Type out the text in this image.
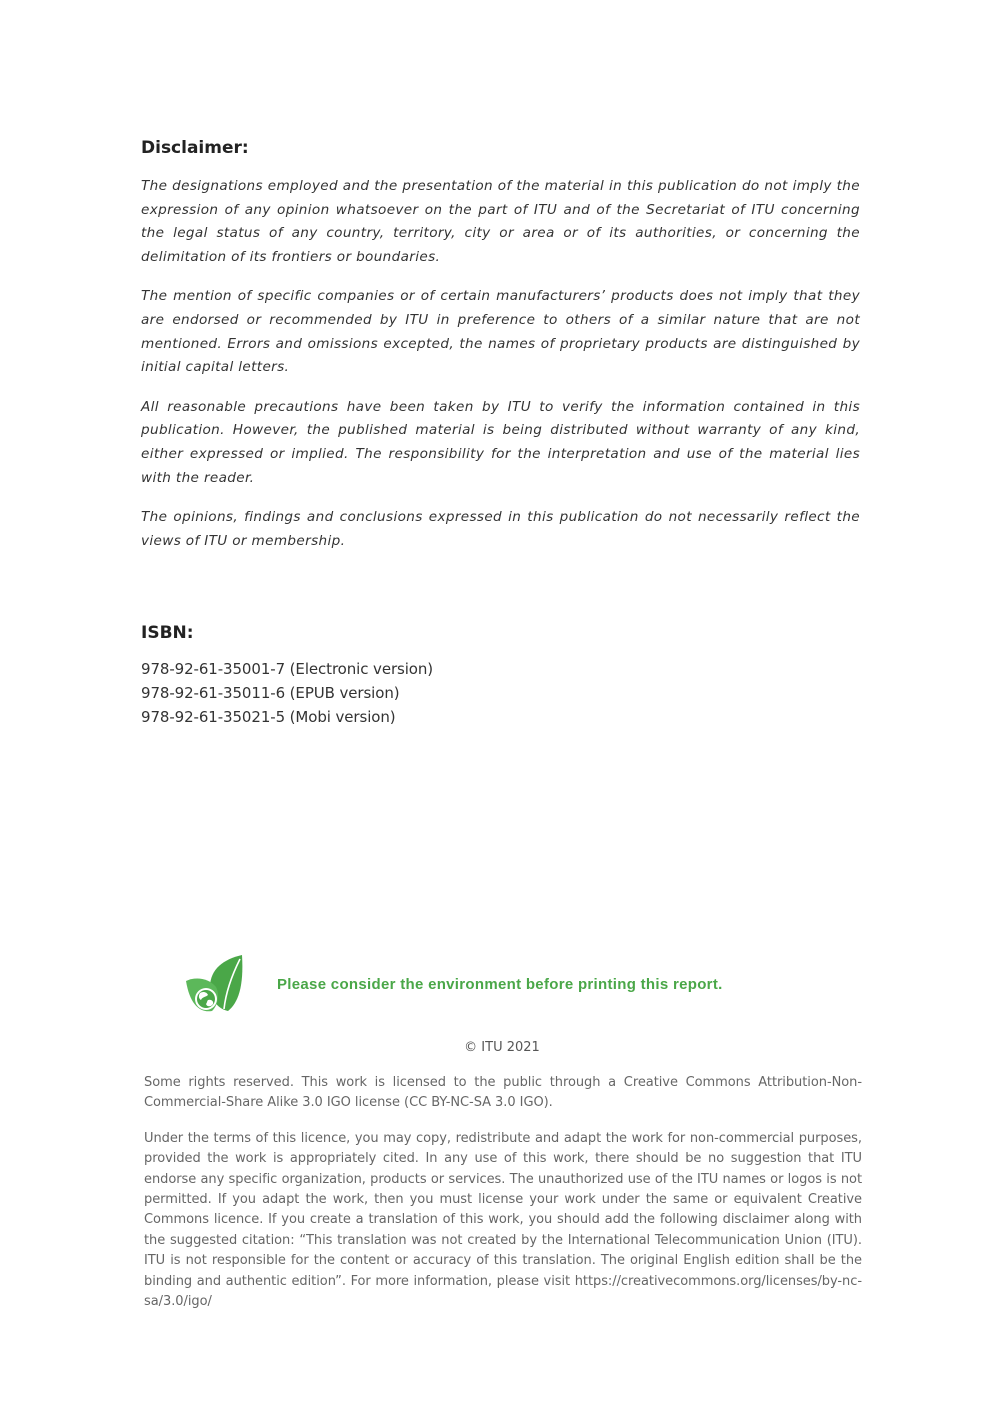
Disclaimer:

The designations employed and the presentation of the material in this publication do not imply the expression of any opinion whatsoever on the part of ITU and of the Secretariat of ITU concerning the legal status of any country, territory, city or area or of its authorities, or concerning the delimitation of its frontiers or boundaries.

The mention of specific companies or of certain manufacturers’ products does not imply that they are endorsed or recommended by ITU in preference to others of a similar nature that are not mentioned. Errors and omissions excepted, the names of proprietary products are distinguished by initial capital letters.

All reasonable precautions have been taken by ITU to verify the information contained in this publication. However, the published material is being distributed without warranty of any kind, either expressed or implied. The responsibility for the interpretation and use of the material lies with the reader.

The opinions, findings and conclusions expressed in this publication do not necessarily reflect the views of ITU or membership.

ISBN:
978-92-61-35001-7 (Electronic version)
978-92-61-35011-6 (EPUB version)
978-92-61-35021-5 (Mobi version)
Please consider the environment before printing this report.
© ITU 2021

Some rights reserved. This work is licensed to the public through a Creative Commons Attribution-Non-Commercial-Share Alike 3.0 IGO license (CC BY-NC-SA 3.0 IGO).

Under the terms of this licence, you may copy, redistribute and adapt the work for non-commercial purposes, provided the work is appropriately cited. In any use of this work, there should be no suggestion that ITU endorse any specific organization, products or services. The unauthorized use of the ITU names or logos is not permitted. If you adapt the work, then you must license your work under the same or equivalent Creative Commons licence. If you create a translation of this work, you should add the following disclaimer along with the suggested citation: “This translation was not created by the International Telecommunication Union (ITU). ITU is not responsible for the content or accuracy of this translation. The original English edition shall be the binding and authentic edition”. For more information, please visit https://creativecommons.org/licenses/by-nc-sa/3.0/igo/
